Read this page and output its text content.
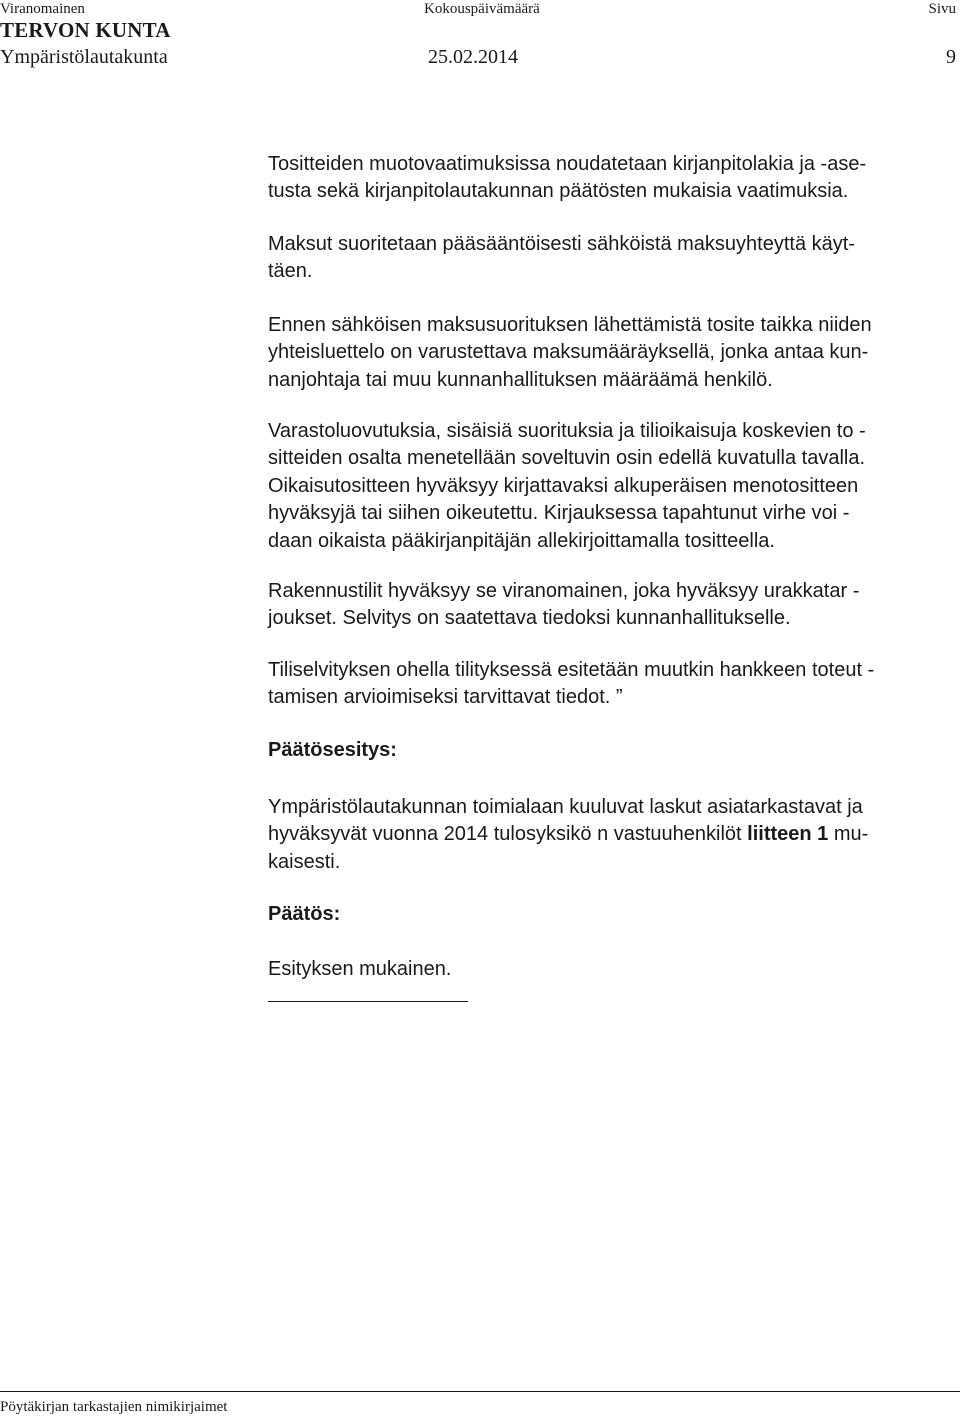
Viranomainen	Kokouspäivämäärä	Sivu
TERVON KUNTA
Ympäristölautakunta	25.02.2014	9
Tositteiden muotovaatimuksissa noudatetaan kirjanpitolakia ja -ase-
tusta sekä kirjanpitolautakunnan päätösten mukaisia vaatimuksia.
Maksut suoritetaan pääsääntöisesti sähköistä maksuyhteyttä käyt-
täen.
Ennen sähköisen maksusuorituksen lähettämistä tosite taikka niiden
yhteisluettelo on varustettava maksumääräyksellä, jonka antaa kun-
nanjohtaja tai muu kunnanhallituksen määräämä henkilö.
Varastoluovutuksia, sisäisiä suorituksia ja tilioikaisuja koskevien to -
sitteiden osalta menetellään soveltuvin osin edellä kuvatulla tavalla.
Oikaisutositteen hyväksyy kirjattavaksi alkuperäisen menotositteen
hyväksyjä tai siihen oikeutettu. Kirjauksessa tapahtunut virhe voi -
daan oikaista pääkirjanpitäjän allekirjoittamalla tositteella.
Rakennustilit hyväksyy se viranomainen, joka hyväksyy urakkatar -
joukset. Selvitys on saatettava tiedoksi kunnanhallitukselle.
Tiliselvityksen ohella tilityksessä esitetään muutkin hankkeen toteut -
tamisen arvioimiseksi tarvittavat tiedot. ”
Päätösesitys:
Ympäristölautakunnan toimialaan kuuluvat laskut asiatarkastavat ja
hyväksyvät vuonna 2014 tulosyksikö n vastuuhenkilöt liitteen 1 mu-
kaisesti.
Päätös:
Esityksen mukainen.
Pöytäkirjan tarkastajien nimikirjaimet
